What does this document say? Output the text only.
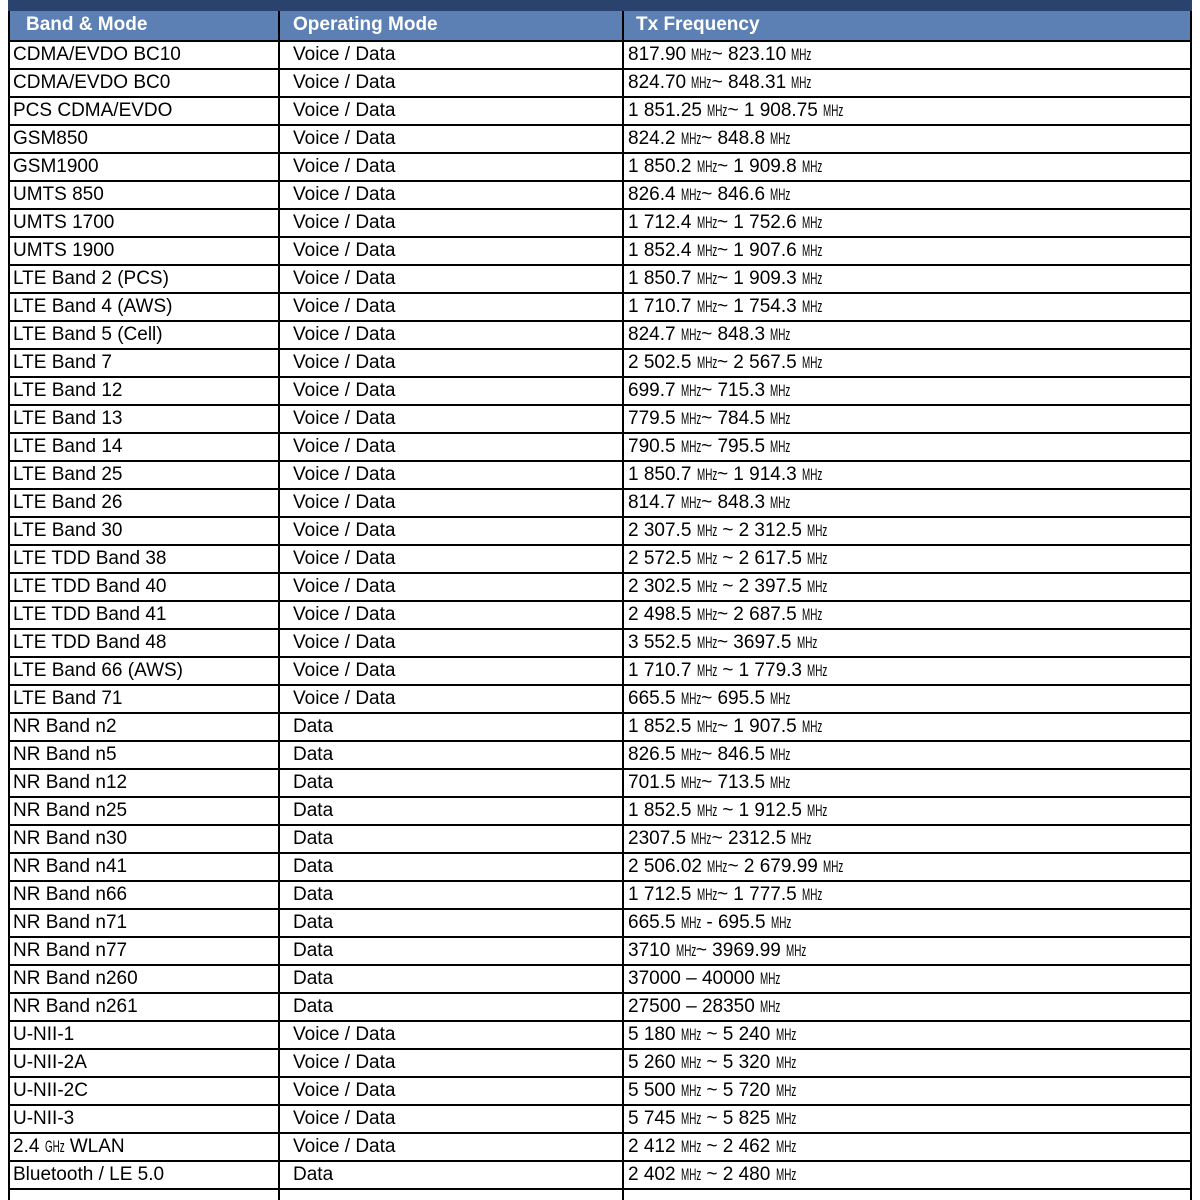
Band & Mode	Operating Mode	Tx Frequency
CDMA/EVDO BC10	Voice / Data	817.90 MHz~ 823.10 MHz
CDMA/EVDO BC0	Voice / Data	824.70 MHz~ 848.31 MHz
PCS CDMA/EVDO	Voice / Data	1 851.25 MHz~ 1 908.75 MHz
GSM850	Voice / Data	824.2 MHz~ 848.8 MHz
GSM1900	Voice / Data	1 850.2 MHz~ 1 909.8 MHz
UMTS 850	Voice / Data	826.4 MHz~ 846.6 MHz
UMTS 1700	Voice / Data	1 712.4 MHz~ 1 752.6 MHz
UMTS 1900	Voice / Data	1 852.4 MHz~ 1 907.6 MHz
LTE Band 2 (PCS)	Voice / Data	1 850.7 MHz~ 1 909.3 MHz
LTE Band 4 (AWS)	Voice / Data	1 710.7 MHz~ 1 754.3 MHz
LTE Band 5 (Cell)	Voice / Data	824.7 MHz~ 848.3 MHz
LTE Band 7	Voice / Data	2 502.5 MHz~ 2 567.5 MHz
LTE Band 12	Voice / Data	699.7 MHz~ 715.3 MHz
LTE Band 13	Voice / Data	779.5 MHz~ 784.5 MHz
LTE Band 14	Voice / Data	790.5 MHz~ 795.5 MHz
LTE Band 25	Voice / Data	1 850.7 MHz~ 1 914.3 MHz
LTE Band 26	Voice / Data	814.7 MHz~ 848.3 MHz
LTE Band 30	Voice / Data	2 307.5 MHz ~ 2 312.5 MHz
LTE TDD Band 38	Voice / Data	2 572.5 MHz ~ 2 617.5 MHz
LTE TDD Band 40	Voice / Data	2 302.5 MHz ~ 2 397.5 MHz
LTE TDD Band 41	Voice / Data	2 498.5 MHz~ 2 687.5 MHz
LTE TDD Band 48	Voice / Data	3 552.5 MHz~ 3697.5 MHz
LTE Band 66 (AWS)	Voice / Data	1 710.7 MHz ~ 1 779.3 MHz
LTE Band 71	Voice / Data	665.5 MHz~ 695.5 MHz
NR Band n2	Data	1 852.5 MHz~ 1 907.5 MHz
NR Band n5	Data	826.5 MHz~ 846.5 MHz
NR Band n12	Data	701.5 MHz~ 713.5 MHz
NR Band n25	Data	1 852.5 MHz ~ 1 912.5 MHz
NR Band n30	Data	2307.5 MHz~ 2312.5 MHz
NR Band n41	Data	2 506.02 MHz~ 2 679.99 MHz
NR Band n66	Data	1 712.5 MHz~ 1 777.5 MHz
NR Band n71	Data	665.5 MHz - 695.5 MHz
NR Band n77	Data	3710 MHz~ 3969.99 MHz
NR Band n260	Data	37000 – 40000 MHz
NR Band n261	Data	27500 – 28350 MHz
U-NII-1	Voice / Data	5 180 MHz ~ 5 240 MHz
U-NII-2A	Voice / Data	5 260 MHz ~ 5 320 MHz
U-NII-2C	Voice / Data	5 500 MHz ~ 5 720 MHz
U-NII-3	Voice / Data	5 745 MHz ~ 5 825 MHz
2.4 GHz WLAN	Voice / Data	2 412 MHz ~ 2 462 MHz
Bluetooth / LE 5.0	Data	2 402 MHz ~ 2 480 MHz
